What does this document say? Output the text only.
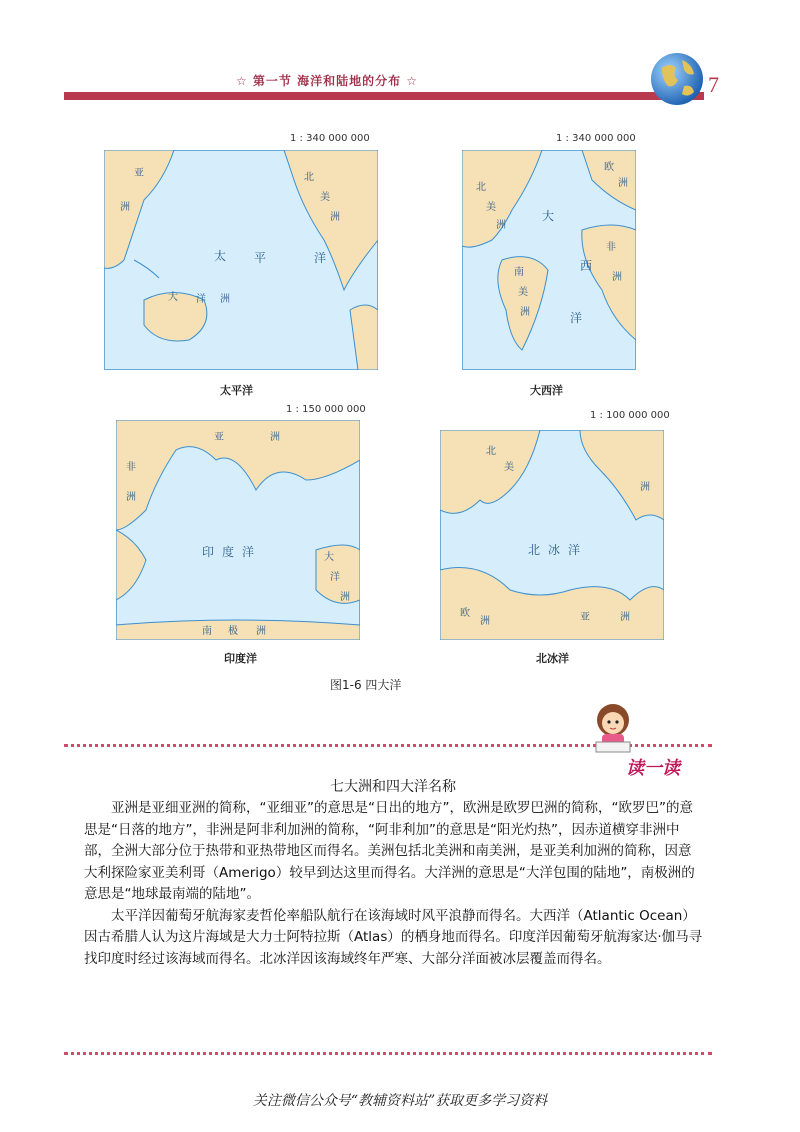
☆ 第一节 海洋和陆地的分布 ☆	7
1 : 340 000 000
亚
洲
北
美
洲
大 洋 洲
太 平	洋
太平洋
1 : 340 000 000
北
美
洲
欧
洲
非
洲
南
美
洲
大
西
洋
大西洋
1 : 150 000 000
亚	洲
非
洲
大
洋
洲
南 极 洲
印 度 洋
印度洋
1 : 100 000 000
北
美
洲
亚	洲
欧
洲
北 冰 洋
北冰洋
图1-6 四大洋
读一读
七大洲和四大洋名称

亚洲是亚细亚洲的简称，“亚细亚”的意思是“日出的地方”，欧洲是欧罗巴洲的简称，“欧罗巴”的意思是“日落的地方”，非洲是阿非利加洲的简称，“阿非利加”的意思是“阳光灼热”，因赤道横穿非洲中部，全洲大部分位于热带和亚热带地区而得名。美洲包括北美洲和南美洲，是亚美利加洲的简称，因意大利探险家亚美利哥（Amerigo）较早到达这里而得名。大洋洲的意思是“大洋包围的陆地”，南极洲的意思是“地球最南端的陆地”。

太平洋因葡萄牙航海家麦哲伦率船队航行在该海域时风平浪静而得名。大西洋（Atlantic Ocean）因古希腊人认为这片海域是大力士阿特拉斯（Atlas）的栖身地而得名。印度洋因葡萄牙航海家达·伽马寻找印度时经过该海域而得名。北冰洋因该海域终年严寒、大部分洋面被冰层覆盖而得名。

关注微信公众号“教辅资料站”获取更多学习资料
